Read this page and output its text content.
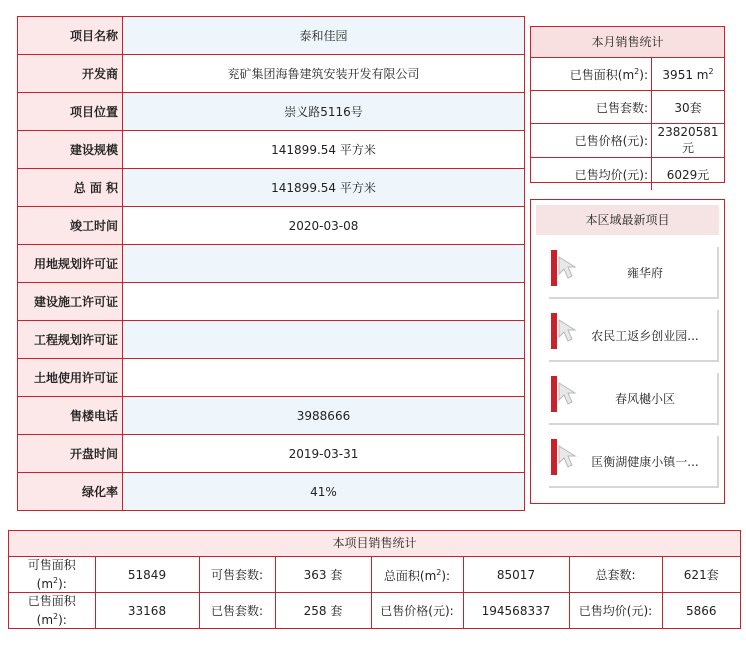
项目名称	泰和佳园
开发商	兖矿集团海鲁建筑安装开发有限公司
项目位置	崇义路5116号
建设规模	141899.54 平方米
总 面 积	141899.54 平方米
竣工时间	2020-03-08
用地规划许可证	
建设施工许可证	
工程规划许可证	
土地使用许可证	
售楼电话	3988666
开盘时间	2019-03-31
绿化率	41%
本月销售统计
已售面积$(m^2)$:	3951 $m^2$
已售套数:	30套
已售价格(元):	23820581元
已售均价(元):	6029元
本区域最新项目
雍华府
农民工返乡创业园...
春风樾小区
匡衡湖健康小镇一...
本项目销售统计
可售面积
$(m^2)$:	51849	可售套数:	363 套	总面积$(m^2)$:	85017	总套数:	621套
已售面积
$(m^2)$:	33168	已售套数:	258 套	已售价格(元):	194568337	已售均价(元):	5866
